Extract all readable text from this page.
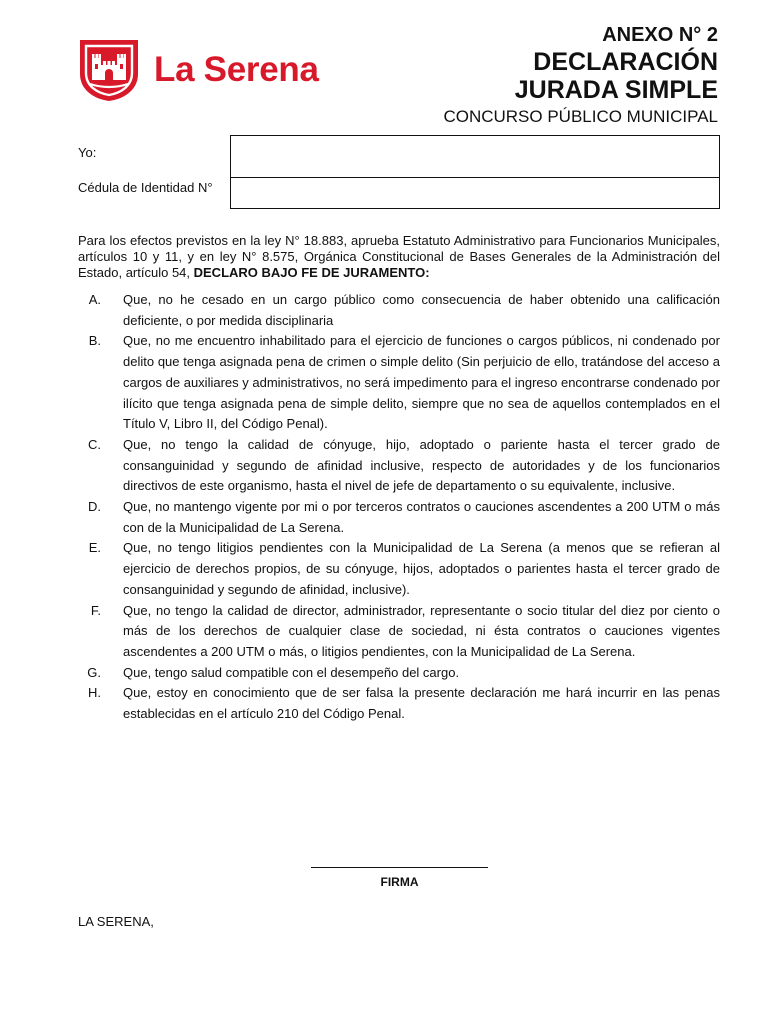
La Serena
ANEXO N° 2
DECLARACIÓN
JURADA SIMPLE
CONCURSO PÚBLICO MUNICIPAL
Yo:
Cédula de Identidad N°
Para los efectos previstos en la ley N° 18.883, aprueba Estatuto Administrativo para Funcionarios Municipales, artículos 10 y 11, y en ley N° 8.575, Orgánica Constitucional de Bases Generales de la Administración del Estado, artículo 54, DECLARO BAJO FE DE JURAMENTO:
A.	Que, no he cesado en un cargo público como consecuencia de haber obtenido una calificación deficiente, o por medida disciplinaria
B.	Que, no me encuentro inhabilitado para el ejercicio de funciones o cargos públicos, ni condenado por delito que tenga asignada pena de crimen o simple delito (Sin perjuicio de ello, tratándose del acceso a cargos de auxiliares y administrativos, no será impedimento para el ingreso encontrarse condenado por ilícito que tenga asignada pena de simple delito, siempre que no sea de aquellos contemplados en el Título V, Libro II, del Código Penal).
C.	Que, no tengo la calidad de cónyuge, hijo, adoptado o pariente hasta el tercer grado de consanguinidad y segundo de afinidad inclusive, respecto de autoridades y de los funcionarios directivos de este organismo, hasta el nivel de jefe de departamento o su equivalente, inclusive.
D.	Que, no mantengo vigente por mi o por terceros contratos o cauciones ascendentes a 200 UTM o más con de la Municipalidad de La Serena.
E.	Que, no tengo litigios pendientes con la Municipalidad de La Serena (a menos que se refieran al ejercicio de derechos propios, de su cónyuge, hijos, adoptados o parientes hasta el tercer grado de consanguinidad y segundo de afinidad, inclusive).
F.	Que, no tengo la calidad de director, administrador, representante o socio titular del diez por ciento o más de los derechos de cualquier clase de sociedad, ni ésta contratos o cauciones vigentes ascendentes a 200 UTM o más, o litigios pendientes, con la Municipalidad de La Serena.
G.	Que, tengo salud compatible con el desempeño del cargo.
H.	Que, estoy en conocimiento que de ser falsa la presente declaración me hará incurrir en las penas establecidas en el artículo 210 del Código Penal.
FIRMA
LA SERENA,
